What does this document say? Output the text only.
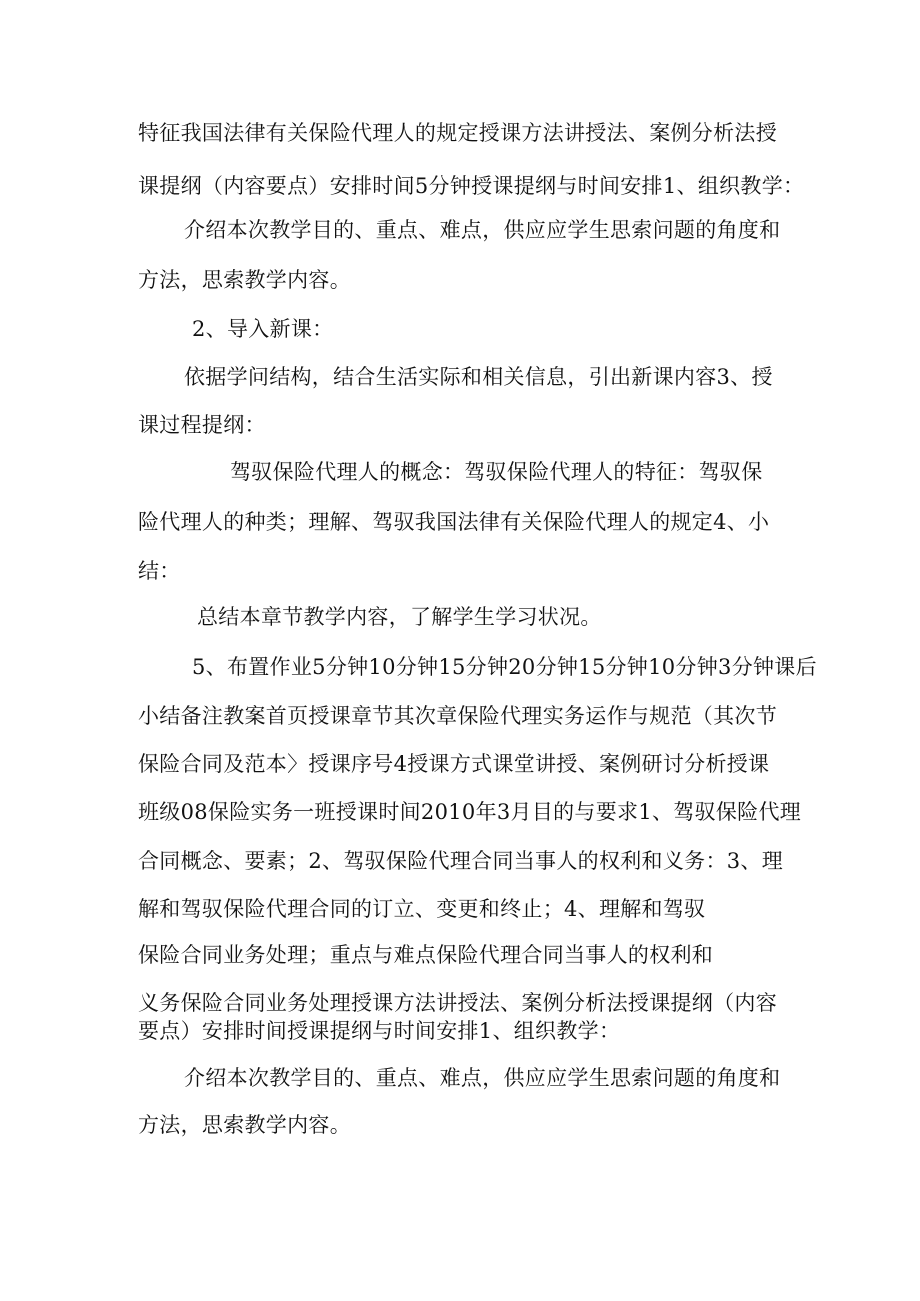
特征我国法律有关保险代理人的规定授课方法讲授法、案例分析法授
课提纲（内容要点）安排时间5分钟授课提纲与时间安排1、组织教学：
介绍本次教学目的、重点、难点，供应应学生思索问题的角度和
方法，思索教学内容。
2、导入新课：
依据学问结构，结合生活实际和相关信息，引出新课内容3、授
课过程提纲：
驾驭保险代理人的概念：驾驭保险代理人的特征：驾驭保
险代理人的种类；理解、驾驭我国法律有关保险代理人的规定4、小
结：
总结本章节教学内容，了解学生学习状况。
5、布置作业5分钟10分钟15分钟20分钟15分钟10分钟3分钟课后
小结备注教案首页授课章节其次章保险代理实务运作与规范（其次节
保险合同及范本〉授课序号4授课方式课堂讲授、案例研讨分析授课
班级08保险实务一班授课时间2010年3月目的与要求1、驾驭保险代理
合同概念、要素；2、驾驭保险代理合同当事人的权利和义务：3、理
解和驾驭保险代理合同的订立、变更和终止；4、理解和驾驭
保险合同业务处理；重点与难点保险代理合同当事人的权利和
义务保险合同业务处理授课方法讲授法、案例分析法授课提纲（内容
要点）安排时间授课提纲与时间安排1、组织教学：
介绍本次教学目的、重点、难点，供应应学生思索问题的角度和
方法，思索教学内容。
